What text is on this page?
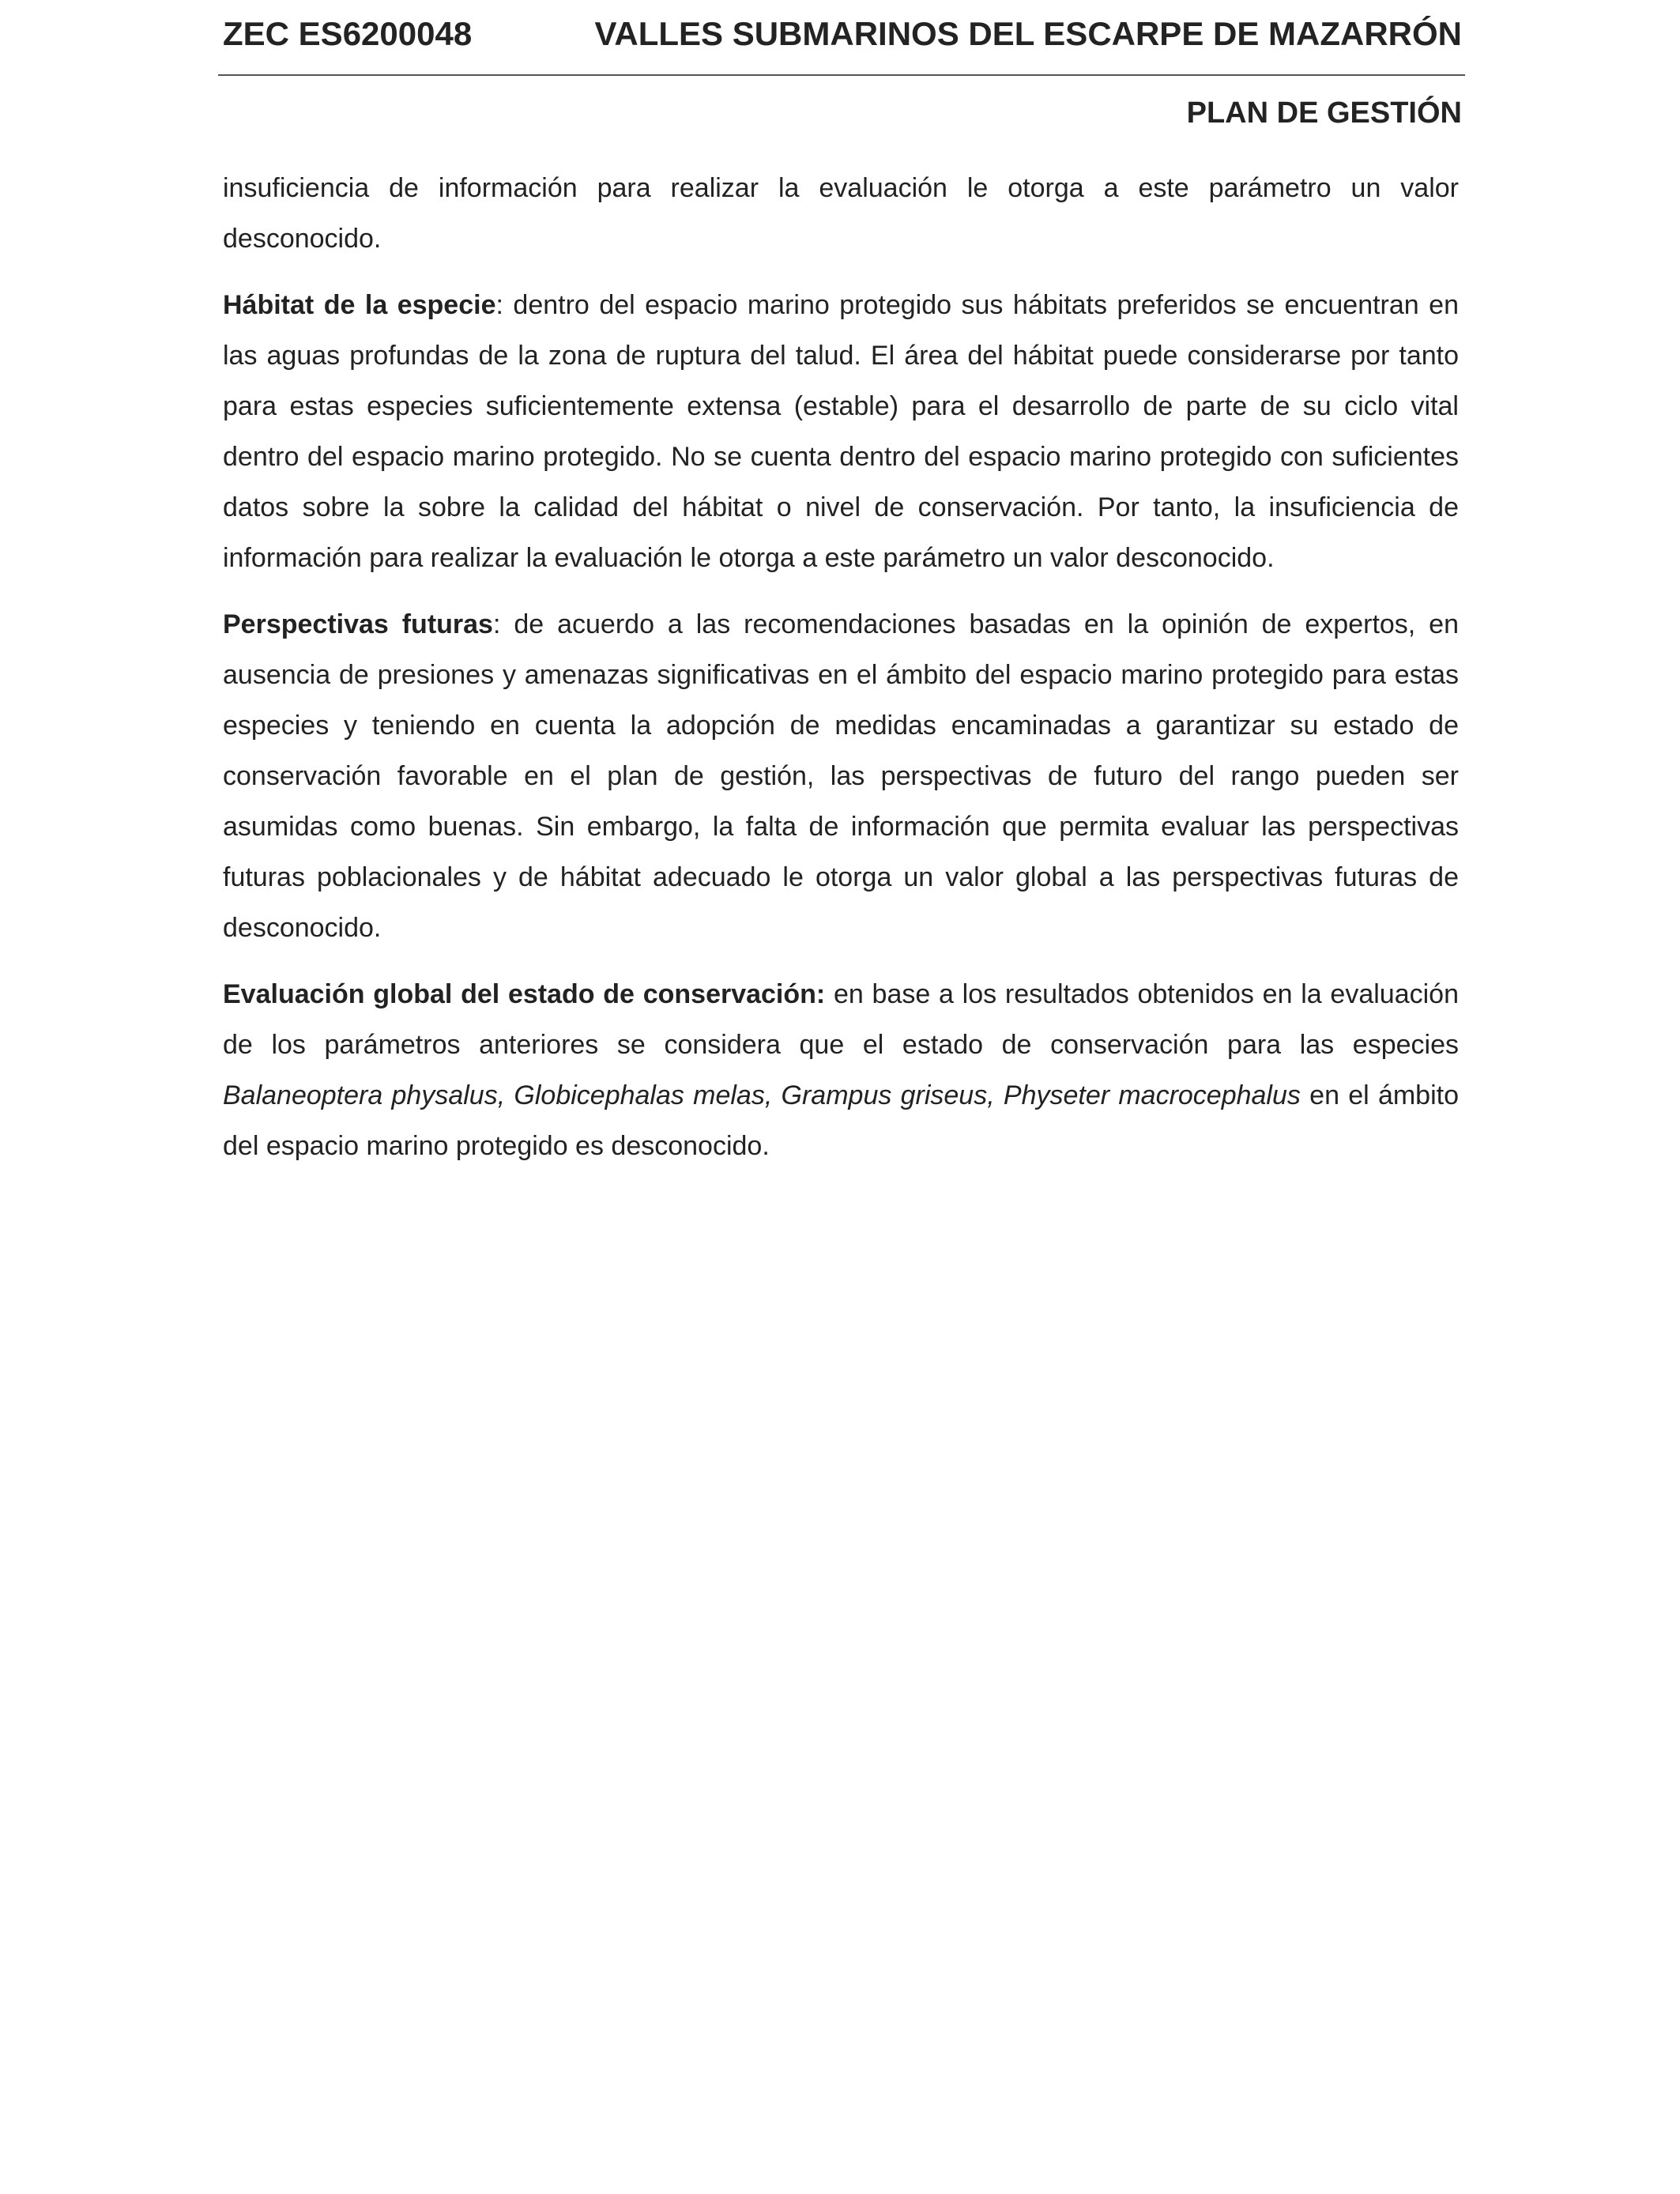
ZEC ES6200048	VALLES SUBMARINOS DEL ESCARPE DE MAZARRÓN
PLAN DE GESTIÓN

insuficiencia de información para realizar la evaluación le otorga a este parámetro un valor desconocido.

Hábitat de la especie: dentro del espacio marino protegido sus hábitats preferidos se encuentran en las aguas profundas de la zona de ruptura del talud. El área del hábitat puede considerarse por tanto para estas especies suficientemente extensa (estable) para el desarrollo de parte de su ciclo vital dentro del espacio marino protegido. No se cuenta dentro del espacio marino protegido con suficientes datos sobre la sobre la calidad del hábitat o nivel de conservación. Por tanto, la insuficiencia de información para realizar la evaluación le otorga a este parámetro un valor desconocido.

Perspectivas futuras: de acuerdo a las recomendaciones basadas en la opinión de expertos, en ausencia de presiones y amenazas significativas en el ámbito del espacio marino protegido para estas especies y teniendo en cuenta la adopción de medidas encaminadas a garantizar su estado de conservación favorable en el plan de gestión, las perspectivas de futuro del rango pueden ser asumidas como buenas. Sin embargo, la falta de información que permita evaluar las perspectivas futuras poblacionales y de hábitat adecuado le otorga un valor global a las perspectivas futuras de desconocido.

Evaluación global del estado de conservación: en base a los resultados obtenidos en la evaluación de los parámetros anteriores se considera que el estado de conservación para las especies Balaneoptera physalus, Globicephalas melas, Grampus griseus, Physeter macrocephalus en el ámbito del espacio marino protegido es desconocido.
